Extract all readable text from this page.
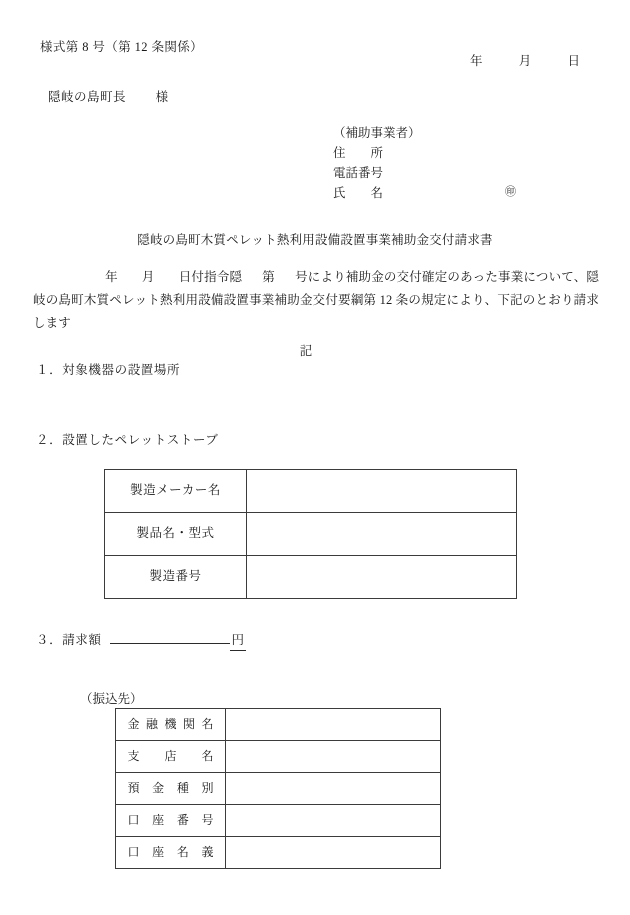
様式第 8 号（第 12 条関係）
年	月	日
隠岐の島町長 様
（補助事業者）
住　　所
電話番号
氏　　名	㊞
隠岐の島町木質ペレット熱利用設備設置事業補助金交付請求書
年 月 日付指令隠 第 号により補助金の交付確定のあった事業について、隠岐の島町木質ペレット熱利用設備設置事業補助金交付要綱第 12 条の規定により、下記のとおり請求します
記
１．対象機器の設置場所
２．設置したペレットストーブ
製造メーカー名	
製品名・型式	
製造番号	
３．請求額	円
（振込先）
金融機関名	
支店名	
預金種別	
口座番号	
口座名義	
